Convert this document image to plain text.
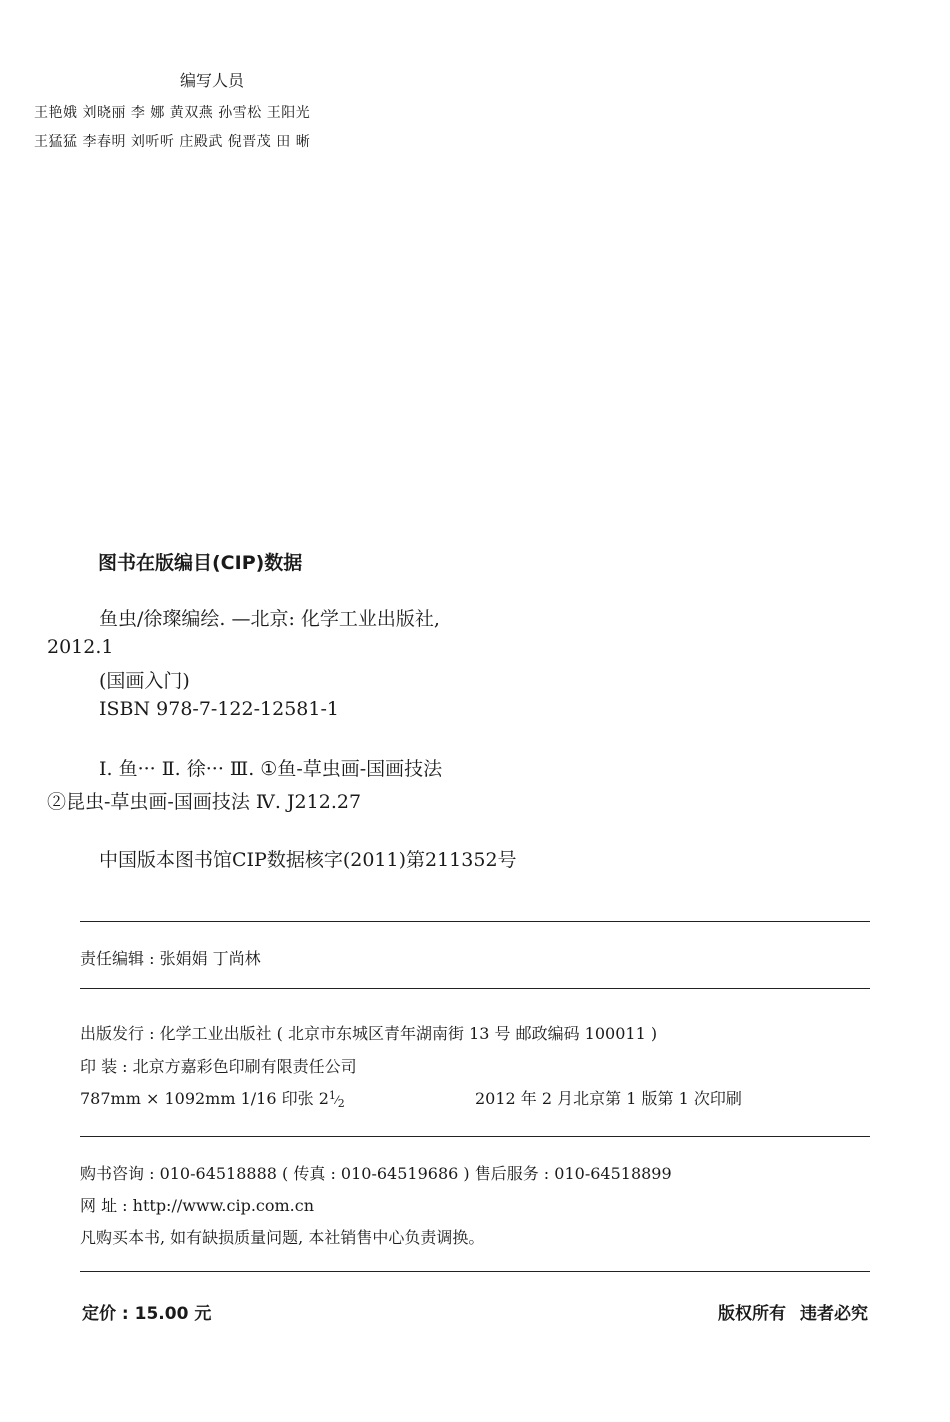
编写人员
王艳娥 刘晓丽 李 娜 黄双燕 孙雪松 王阳光
王猛猛 李春明 刘听听 庄殿武 倪晋茂 田 晰
图书在版编目(CIP)数据
鱼虫/徐璨编绘. —北京: 化学工业出版社,
2012.1
(国画入门)
ISBN 978-7-122-12581-1
Ⅰ. 鱼··· Ⅱ. 徐··· Ⅲ. ①鱼-草虫画-国画技法
②昆虫-草虫画-国画技法 Ⅳ. J212.27
中国版本图书馆CIP数据核字(2011)第211352号
责任编辑 : 张娟娟 丁尚林
出版发行 : 化学工业出版社 ( 北京市东城区青年湖南街 13 号 邮政编码 100011 )
印 装 : 北京方嘉彩色印刷有限责任公司
787mm × 1092mm 1/16 印张 21⁄2	2012 年 2 月北京第 1 版第 1 次印刷
购书咨询 : 010-64518888 ( 传真 : 010-64519686 ) 售后服务 : 010-64518899
网 址 : http://www.cip.com.cn
凡购买本书, 如有缺损质量问题, 本社销售中心负责调换。
定价 : 15.00 元	版权所有 违者必究
